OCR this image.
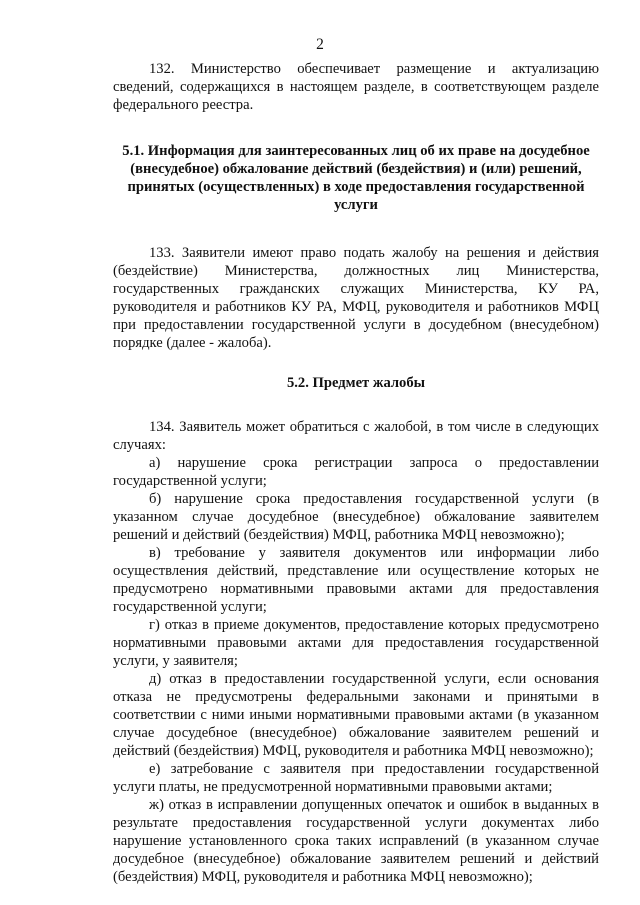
2

132. Министерство обеспечивает размещение и актуализацию сведений, содержащихся в настоящем разделе, в соответствующем разделе федерального реестра.

5.1. Информация для заинтересованных лиц об их праве на досудебное (внесудебное) обжалование действий (бездействия) и (или) решений, принятых (осуществленных) в ходе предоставления государственной услуги

133. Заявители имеют право подать жалобу на решения и действия (бездействие) Министерства, должностных лиц Министерства, государственных гражданских служащих Министерства, КУ РА, руководителя и работников КУ РА, МФЦ, руководителя и работников МФЦ при предоставлении государственной услуги в досудебном (внесудебном) порядке (далее - жалоба).

5.2. Предмет жалобы

134. Заявитель может обратиться с жалобой, в том числе в следующих случаях:

а) нарушение срока регистрации запроса о предоставлении государственной услуги;

б) нарушение срока предоставления государственной услуги (в указанном случае досудебное (внесудебное) обжалование заявителем решений и действий (бездействия) МФЦ, работника МФЦ невозможно);

в) требование у заявителя документов или информации либо осуществления действий, представление или осуществление которых не предусмотрено нормативными правовыми актами для предоставления государственной услуги;

г) отказ в приеме документов, предоставление которых предусмотрено нормативными правовыми актами для предоставления государственной услуги, у заявителя;

д) отказ в предоставлении государственной услуги, если основания отказа не предусмотрены федеральными законами и принятыми в соответствии с ними иными нормативными правовыми актами (в указанном случае досудебное (внесудебное) обжалование заявителем решений и действий (бездействия) МФЦ, руководителя и работника МФЦ невозможно);

е) затребование с заявителя при предоставлении государственной услуги платы, не предусмотренной нормативными правовыми актами;

ж) отказ в исправлении допущенных опечаток и ошибок в выданных в результате предоставления государственной услуги документах либо нарушение установленного срока таких исправлений (в указанном случае досудебное (внесудебное) обжалование заявителем решений и действий (бездействия) МФЦ, руководителя и работника МФЦ невозможно);
